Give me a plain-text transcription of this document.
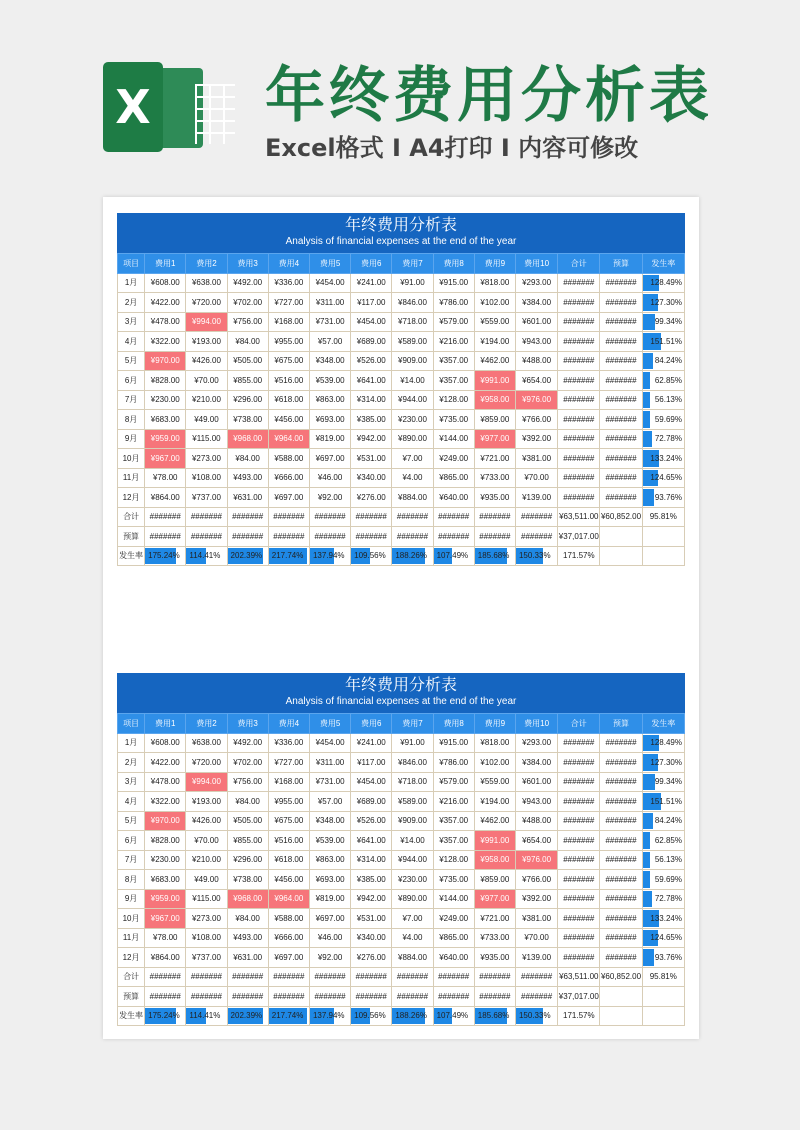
X 年终费用分析表
Excel格式 I A4打印 I 内容可修改
年终费用分析表
Analysis of financial expenses at the end of the year
项目	费用1	费用2	费用3	费用4	费用5	费用6	费用7	费用8	费用9	费用10	合计	预算	发生率
1月	¥608.00	¥638.00	¥492.00	¥336.00	¥454.00	¥241.00	¥91.00	¥915.00	¥818.00	¥293.00	#######	#######	128.49%
2月	¥422.00	¥720.00	¥702.00	¥727.00	¥311.00	¥117.00	¥846.00	¥786.00	¥102.00	¥384.00	#######	#######	127.30%
3月	¥478.00	¥994.00	¥756.00	¥168.00	¥731.00	¥454.00	¥718.00	¥579.00	¥559.00	¥601.00	#######	#######	99.34%
4月	¥322.00	¥193.00	¥84.00	¥955.00	¥57.00	¥689.00	¥589.00	¥216.00	¥194.00	¥943.00	#######	#######	151.51%
5月	¥970.00	¥426.00	¥505.00	¥675.00	¥348.00	¥526.00	¥909.00	¥357.00	¥462.00	¥488.00	#######	#######	84.24%
6月	¥828.00	¥70.00	¥855.00	¥516.00	¥539.00	¥641.00	¥14.00	¥357.00	¥991.00	¥654.00	#######	#######	62.85%
7月	¥230.00	¥210.00	¥296.00	¥618.00	¥863.00	¥314.00	¥944.00	¥128.00	¥958.00	¥976.00	#######	#######	56.13%
8月	¥683.00	¥49.00	¥738.00	¥456.00	¥693.00	¥385.00	¥230.00	¥735.00	¥859.00	¥766.00	#######	#######	59.69%
9月	¥959.00	¥115.00	¥968.00	¥964.00	¥819.00	¥942.00	¥890.00	¥144.00	¥977.00	¥392.00	#######	#######	72.78%
10月	¥967.00	¥273.00	¥84.00	¥588.00	¥697.00	¥531.00	¥7.00	¥249.00	¥721.00	¥381.00	#######	#######	133.24%
11月	¥78.00	¥108.00	¥493.00	¥666.00	¥46.00	¥340.00	¥4.00	¥865.00	¥733.00	¥70.00	#######	#######	124.65%
12月	¥864.00	¥737.00	¥631.00	¥697.00	¥92.00	¥276.00	¥884.00	¥640.00	¥935.00	¥139.00	#######	#######	93.76%
合计	#######	#######	#######	#######	#######	#######	#######	#######	#######	#######	¥63,511.00	¥60,852.00	95.81%
预算	#######	#######	#######	#######	#######	#######	#######	#######	#######	#######	¥37,017.00		
发生率	175.24%	114.41%	202.39%	217.74%	137.94%	109.56%	188.26%	107.49%	185.68%	150.33%	171.57%		
年终费用分析表
Analysis of financial expenses at the end of the year
项目	费用1	费用2	费用3	费用4	费用5	费用6	费用7	费用8	费用9	费用10	合计	预算	发生率
1月	¥608.00	¥638.00	¥492.00	¥336.00	¥454.00	¥241.00	¥91.00	¥915.00	¥818.00	¥293.00	#######	#######	128.49%
2月	¥422.00	¥720.00	¥702.00	¥727.00	¥311.00	¥117.00	¥846.00	¥786.00	¥102.00	¥384.00	#######	#######	127.30%
3月	¥478.00	¥994.00	¥756.00	¥168.00	¥731.00	¥454.00	¥718.00	¥579.00	¥559.00	¥601.00	#######	#######	99.34%
4月	¥322.00	¥193.00	¥84.00	¥955.00	¥57.00	¥689.00	¥589.00	¥216.00	¥194.00	¥943.00	#######	#######	151.51%
5月	¥970.00	¥426.00	¥505.00	¥675.00	¥348.00	¥526.00	¥909.00	¥357.00	¥462.00	¥488.00	#######	#######	84.24%
6月	¥828.00	¥70.00	¥855.00	¥516.00	¥539.00	¥641.00	¥14.00	¥357.00	¥991.00	¥654.00	#######	#######	62.85%
7月	¥230.00	¥210.00	¥296.00	¥618.00	¥863.00	¥314.00	¥944.00	¥128.00	¥958.00	¥976.00	#######	#######	56.13%
8月	¥683.00	¥49.00	¥738.00	¥456.00	¥693.00	¥385.00	¥230.00	¥735.00	¥859.00	¥766.00	#######	#######	59.69%
9月	¥959.00	¥115.00	¥968.00	¥964.00	¥819.00	¥942.00	¥890.00	¥144.00	¥977.00	¥392.00	#######	#######	72.78%
10月	¥967.00	¥273.00	¥84.00	¥588.00	¥697.00	¥531.00	¥7.00	¥249.00	¥721.00	¥381.00	#######	#######	133.24%
11月	¥78.00	¥108.00	¥493.00	¥666.00	¥46.00	¥340.00	¥4.00	¥865.00	¥733.00	¥70.00	#######	#######	124.65%
12月	¥864.00	¥737.00	¥631.00	¥697.00	¥92.00	¥276.00	¥884.00	¥640.00	¥935.00	¥139.00	#######	#######	93.76%
合计	#######	#######	#######	#######	#######	#######	#######	#######	#######	#######	¥63,511.00	¥60,852.00	95.81%
预算	#######	#######	#######	#######	#######	#######	#######	#######	#######	#######	¥37,017.00		
发生率	175.24%	114.41%	202.39%	217.74%	137.94%	109.56%	188.26%	107.49%	185.68%	150.33%	171.57%		
